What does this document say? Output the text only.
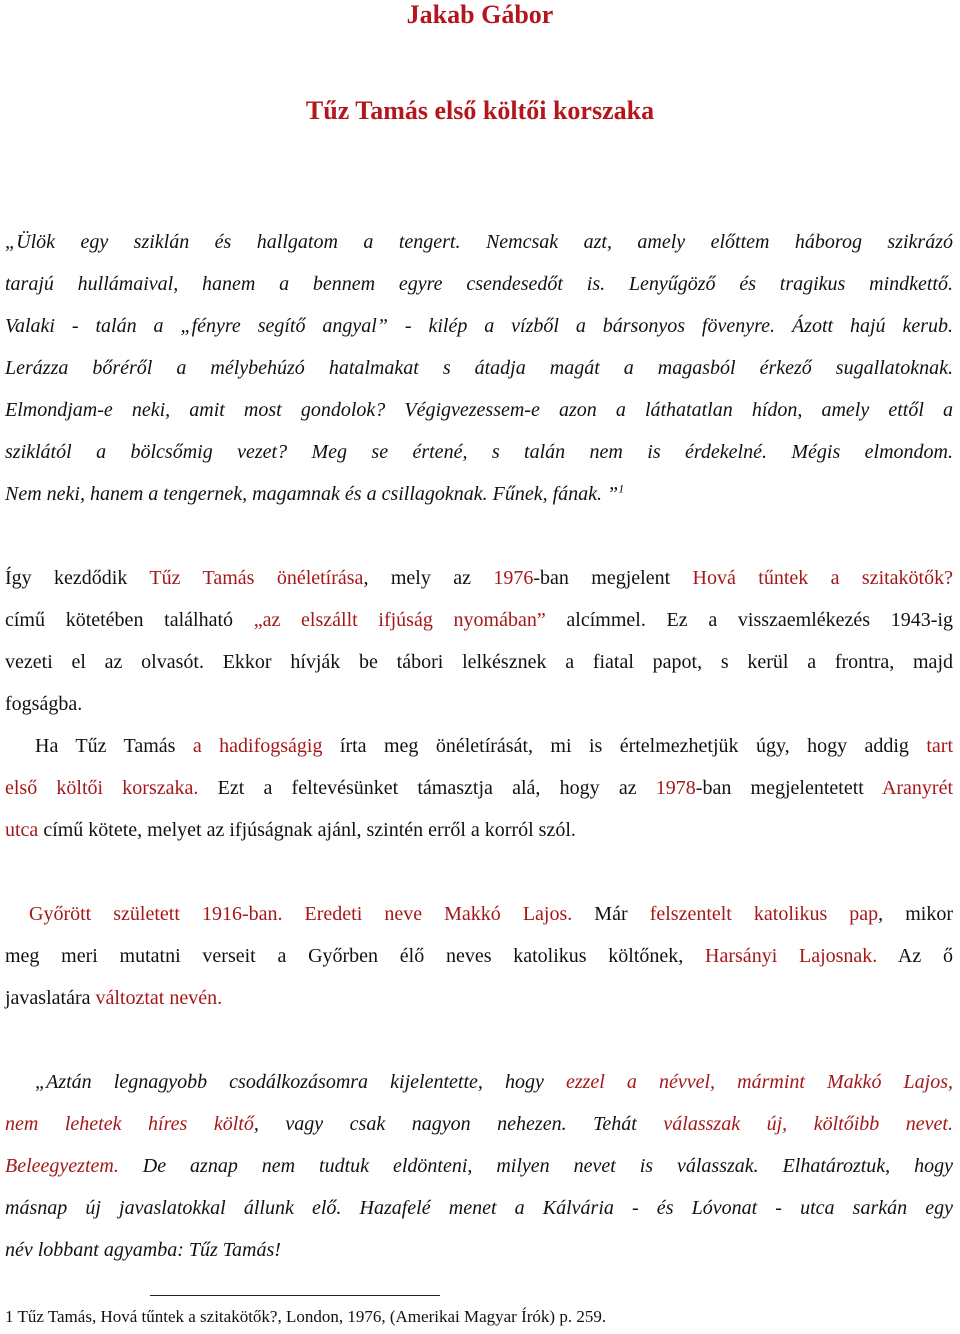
Jakab Gábor
Tűz Tamás első költői korszaka
„Ülök egy sziklán és hallgatom a tengert. Nemcsak azt, amely előttem háborog szikrázó
tarajú hullámaival, hanem a bennem egyre csendesedőt is. Lenyűgöző és tragikus mindkettő.
Valaki - talán a „fényre segítő angyal” - kilép a vízből a bársonyos fövenyre. Ázott hajú kerub.
Lerázza bőréről a mélybehúzó hatalmakat s átadja magát a magasból érkező sugallatoknak.
Elmondjam-e neki, amit most gondolok? Végigvezessem-e azon a láthatatlan hídon, amely ettől a
sziklától a bölcsőmig vezet? Meg se értené, s talán nem is érdekelné. Mégis elmondom.
Nem neki, hanem a tengernek, magamnak és a csillagoknak. Fűnek, fának. ”$^1$
Így kezdődik Tűz Tamás önéletírása, mely az 1976-ban megjelent Hová tűntek a szitakötők?
című kötetében található „az elszállt ifjúság nyomában” alcímmel. Ez a visszaemlékezés 1943-ig
vezeti el az olvasót. Ekkor hívják be tábori lelkésznek a fiatal papot, s kerül a frontra, majd
fogságba.
Ha Tűz Tamás a hadifogságig írta meg önéletírását, mi is értelmezhetjük úgy, hogy addig tart
első költői korszaka. Ezt a feltevésünket támasztja alá, hogy az 1978-ban megjelentetett Aranyrét
utca című kötete, melyet az ifjúságnak ajánl, szintén erről a korról szól.
Győrött született 1916-ban. Eredeti neve Makkó Lajos. Már felszentelt katolikus pap, mikor
meg meri mutatni verseit a Győrben élő neves katolikus költőnek, Harsányi Lajosnak. Az ő
javaslatára változtat nevén.
„Aztán legnagyobb csodálkozásomra kijelentette, hogy ezzel a névvel, mármint Makkó Lajos,
nem lehetek híres költő, vagy csak nagyon nehezen. Tehát válasszak új, költőibb nevet.
Beleegyeztem. De aznap nem tudtuk eldönteni, milyen nevet is válasszak. Elhatároztuk, hogy
másnap új javaslatokkal állunk elő. Hazafelé menet a Kálvária - és Lóvonat - utca sarkán egy
név lobbant agyamba: Tűz Tamás!

1 Tűz Tamás, Hová tűntek a szitakötők?, London, 1976, (Amerikai Magyar Írók) p. 259.
